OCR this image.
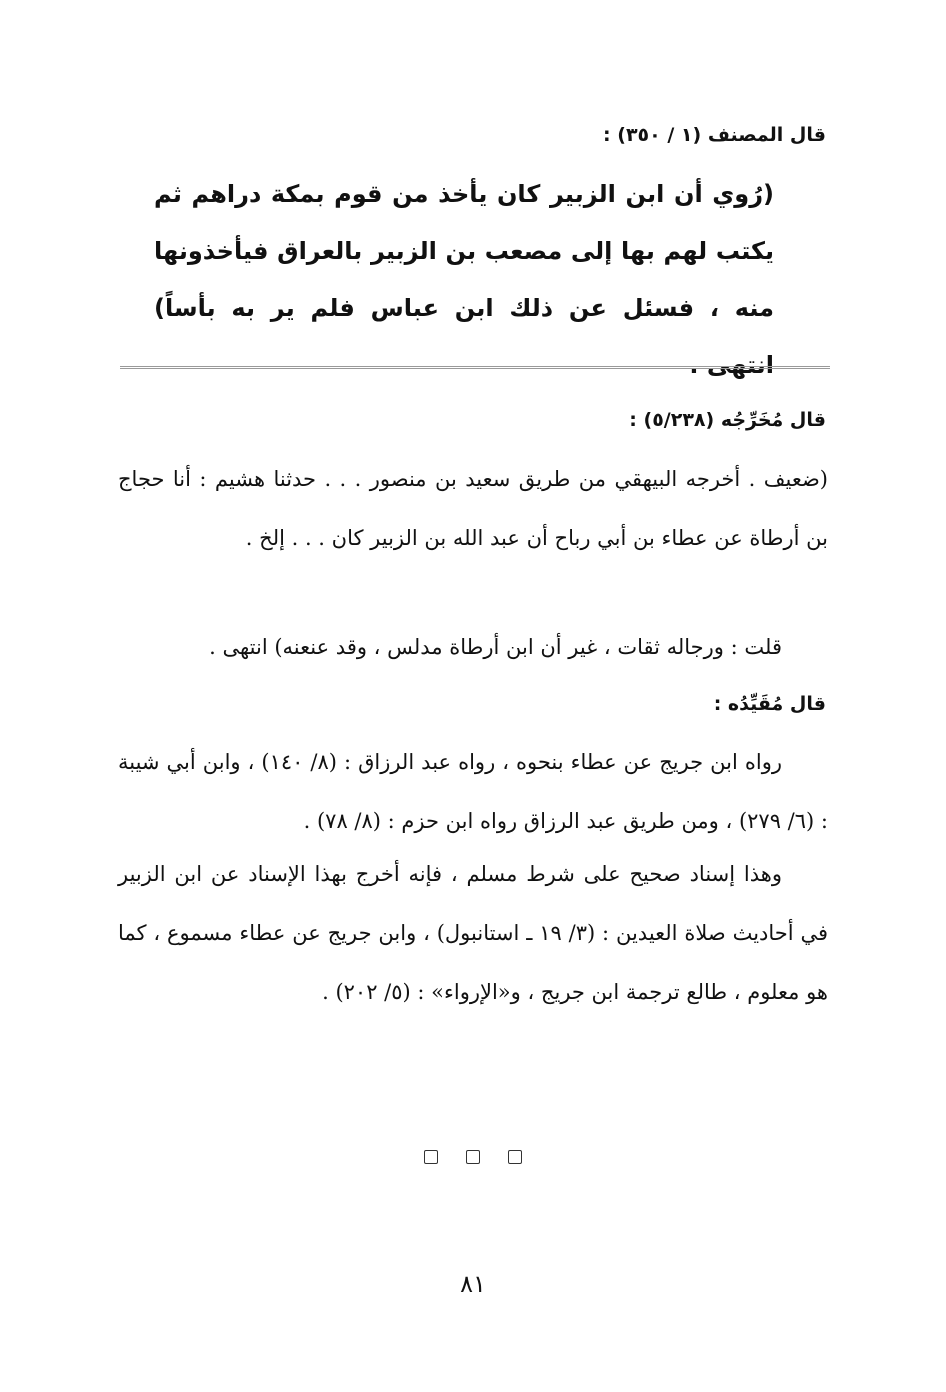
قال المصنف (١ / ٣٥٠) :
(رُوي أن ابن الزبير كان يأخذ من قوم بمكة دراهم ثم يكتب لهم بها إلى مصعب بن الزبير بالعراق فيأخذونها منه ، فسئل عن ذلك ابن عباس فلم ير به بأساً) انتهى .
قال مُخَرِّجُه (٥/٢٣٨) :
(ضعيف . أخرجه البيهقي من طريق سعيد بن منصور . . . حدثنا هشيم : أنا حجاج بن أرطاة عن عطاء بن أبي رباح أن عبد الله بن الزبير كان . . . إلخ .
قلت : ورجاله ثقات ، غير أن ابن أرطاة مدلس ، وقد عنعنه) انتهى .
قال مُقَيِّدُه :
رواه ابن جريج عن عطاء بنحوه ، رواه عبد الرزاق : (٨/ ١٤٠) ، وابن أبي شيبة : (٦/ ٢٧٩) ، ومن طريق عبد الرزاق رواه ابن حزم : (٨/ ٧٨) .
وهذا إسناد صحيح على شرط مسلم ، فإنه أخرج بهذا الإسناد عن ابن الزبير في أحاديث صلاة العيدين : (٣/ ١٩ ـ استانبول) ، وابن جريج عن عطاء مسموع ، كما هو معلوم ، طالع ترجمة ابن جريج ، و«الإرواء» : (٥/ ٢٠٢) .
٨١
